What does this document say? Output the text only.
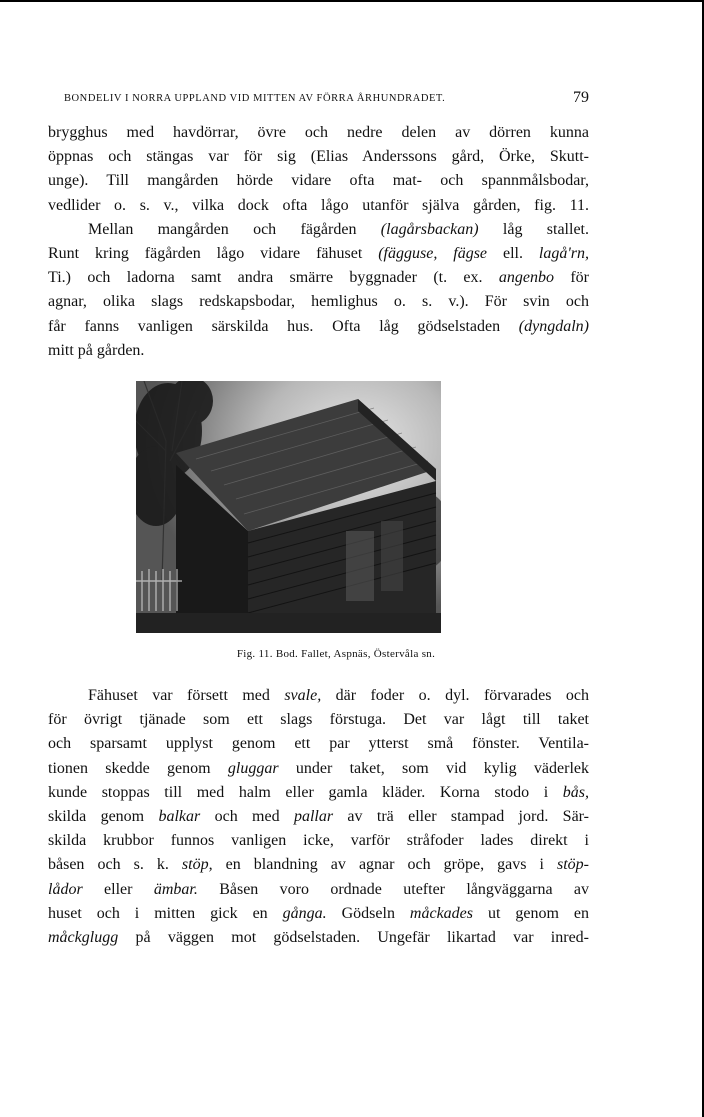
BONDELIV I NORRA UPPLAND VID MITTEN AV FÖRRA ÅRHUNDRADET.	79

brygghus med havdörrar, övre och nedre delen av dörren kunna

öppnas och stängas var för sig (Elias Anderssons gård, Örke, Skutt-

unge). Till mangården hörde vidare ofta mat- och spannmålsbodar,

vedlider o. s. v., vilka dock ofta lågo utanför själva gården, fig. 11.

Mellan mangården och fägården (lagårsbackan) låg stallet.

Runt kring fägården lågo vidare fähuset (fägguse, fägse ell. lagå'rn,

Ti.) och ladorna samt andra smärre byggnader (t. ex. angenbo för

agnar, olika slags redskapsbodar, hemlighus o. s. v.). För svin och

får fanns vanligen särskilda hus. Ofta låg gödselstaden (dyngdaln)

mitt på gården.

Fig. 11. Bod. Fallet, Aspnäs, Östervåla sn.

Fähuset var försett med svale, där foder o. dyl. förvarades och

för övrigt tjänade som ett slags förstuga. Det var lågt till taket

och sparsamt upplyst genom ett par ytterst små fönster. Ventila-

tionen skedde genom gluggar under taket, som vid kylig väderlek

kunde stoppas till med halm eller gamla kläder. Korna stodo i bås,

skilda genom balkar och med pallar av trä eller stampad jord. Sär-

skilda krubbor funnos vanligen icke, varför stråfoder lades direkt i

båsen och s. k. stöp, en blandning av agnar och gröpe, gavs i stöp-

lådor eller ämbar. Båsen voro ordnade utefter långväggarna av

huset och i mitten gick en gånga. Gödseln måckades ut genom en

måckglugg på väggen mot gödselstaden. Ungefär likartad var inred-
